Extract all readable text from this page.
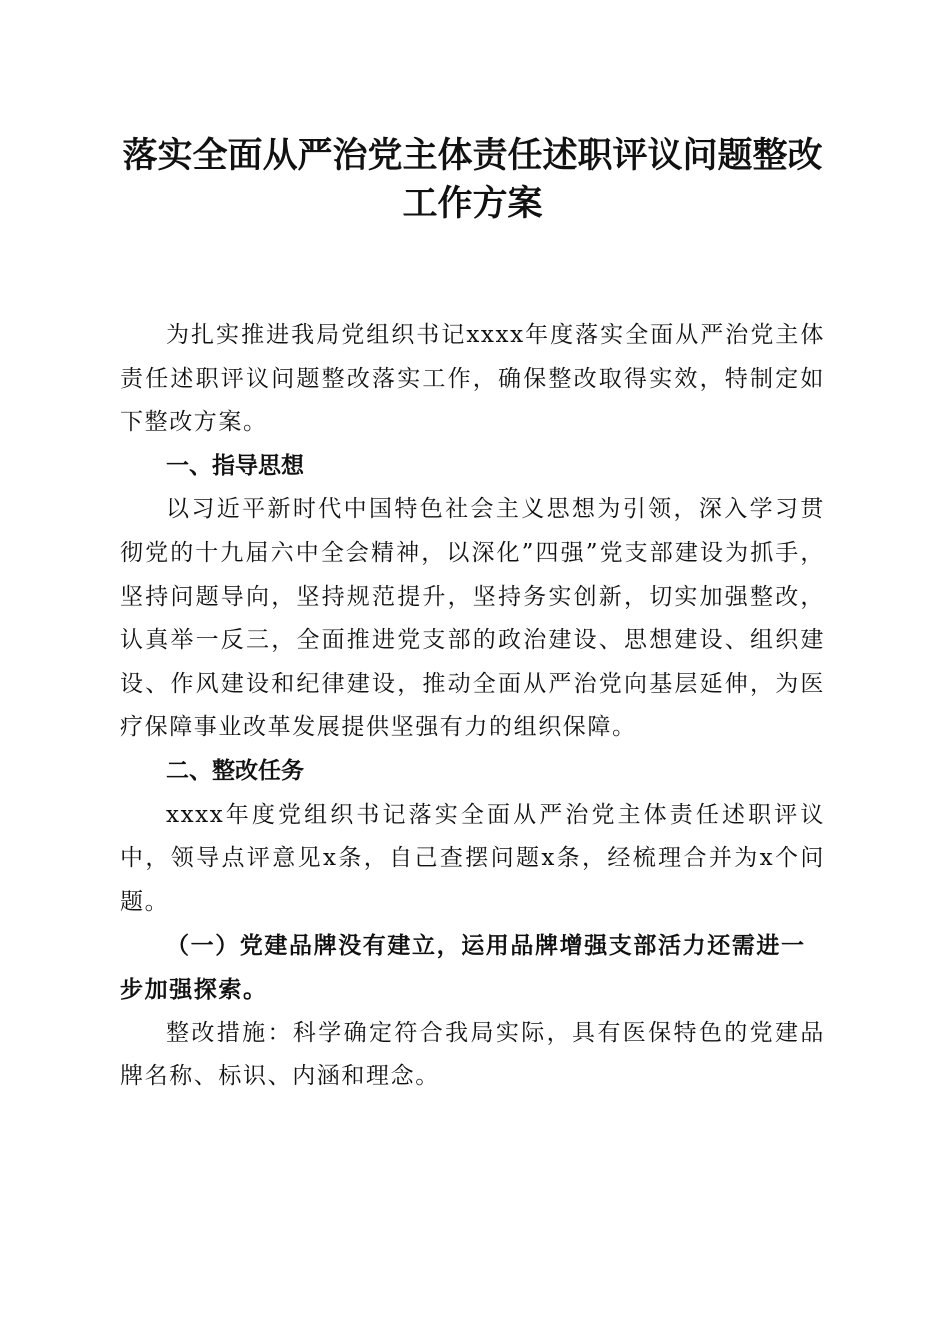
落实全面从严治党主体责任述职评议问题整改
工作方案

为扎实推进我局党组织书记xxxx年度落实全面从严治党主体责任述职评议问题整改落实工作，确保整改取得实效，特制定如下整改方案。

一、指导思想

以习近平新时代中国特色社会主义思想为引领，深入学习贯彻党的十九届六中全会精神，以深化”四强”党支部建设为抓手，坚持问题导向，坚持规范提升，坚持务实创新，切实加强整改，认真举一反三，全面推进党支部的政治建设、思想建设、组织建设、作风建设和纪律建设，推动全面从严治党向基层延伸，为医疗保障事业改革发展提供坚强有力的组织保障。

二、整改任务

xxxx年度党组织书记落实全面从严治党主体责任述职评议中，领导点评意见x条，自己查摆问题x条，经梳理合并为x个问题。

（一）党建品牌没有建立，运用品牌增强支部活力还需进一步加强探索。

整改措施：科学确定符合我局实际，具有医保特色的党建品牌名称、标识、内涵和理念。
